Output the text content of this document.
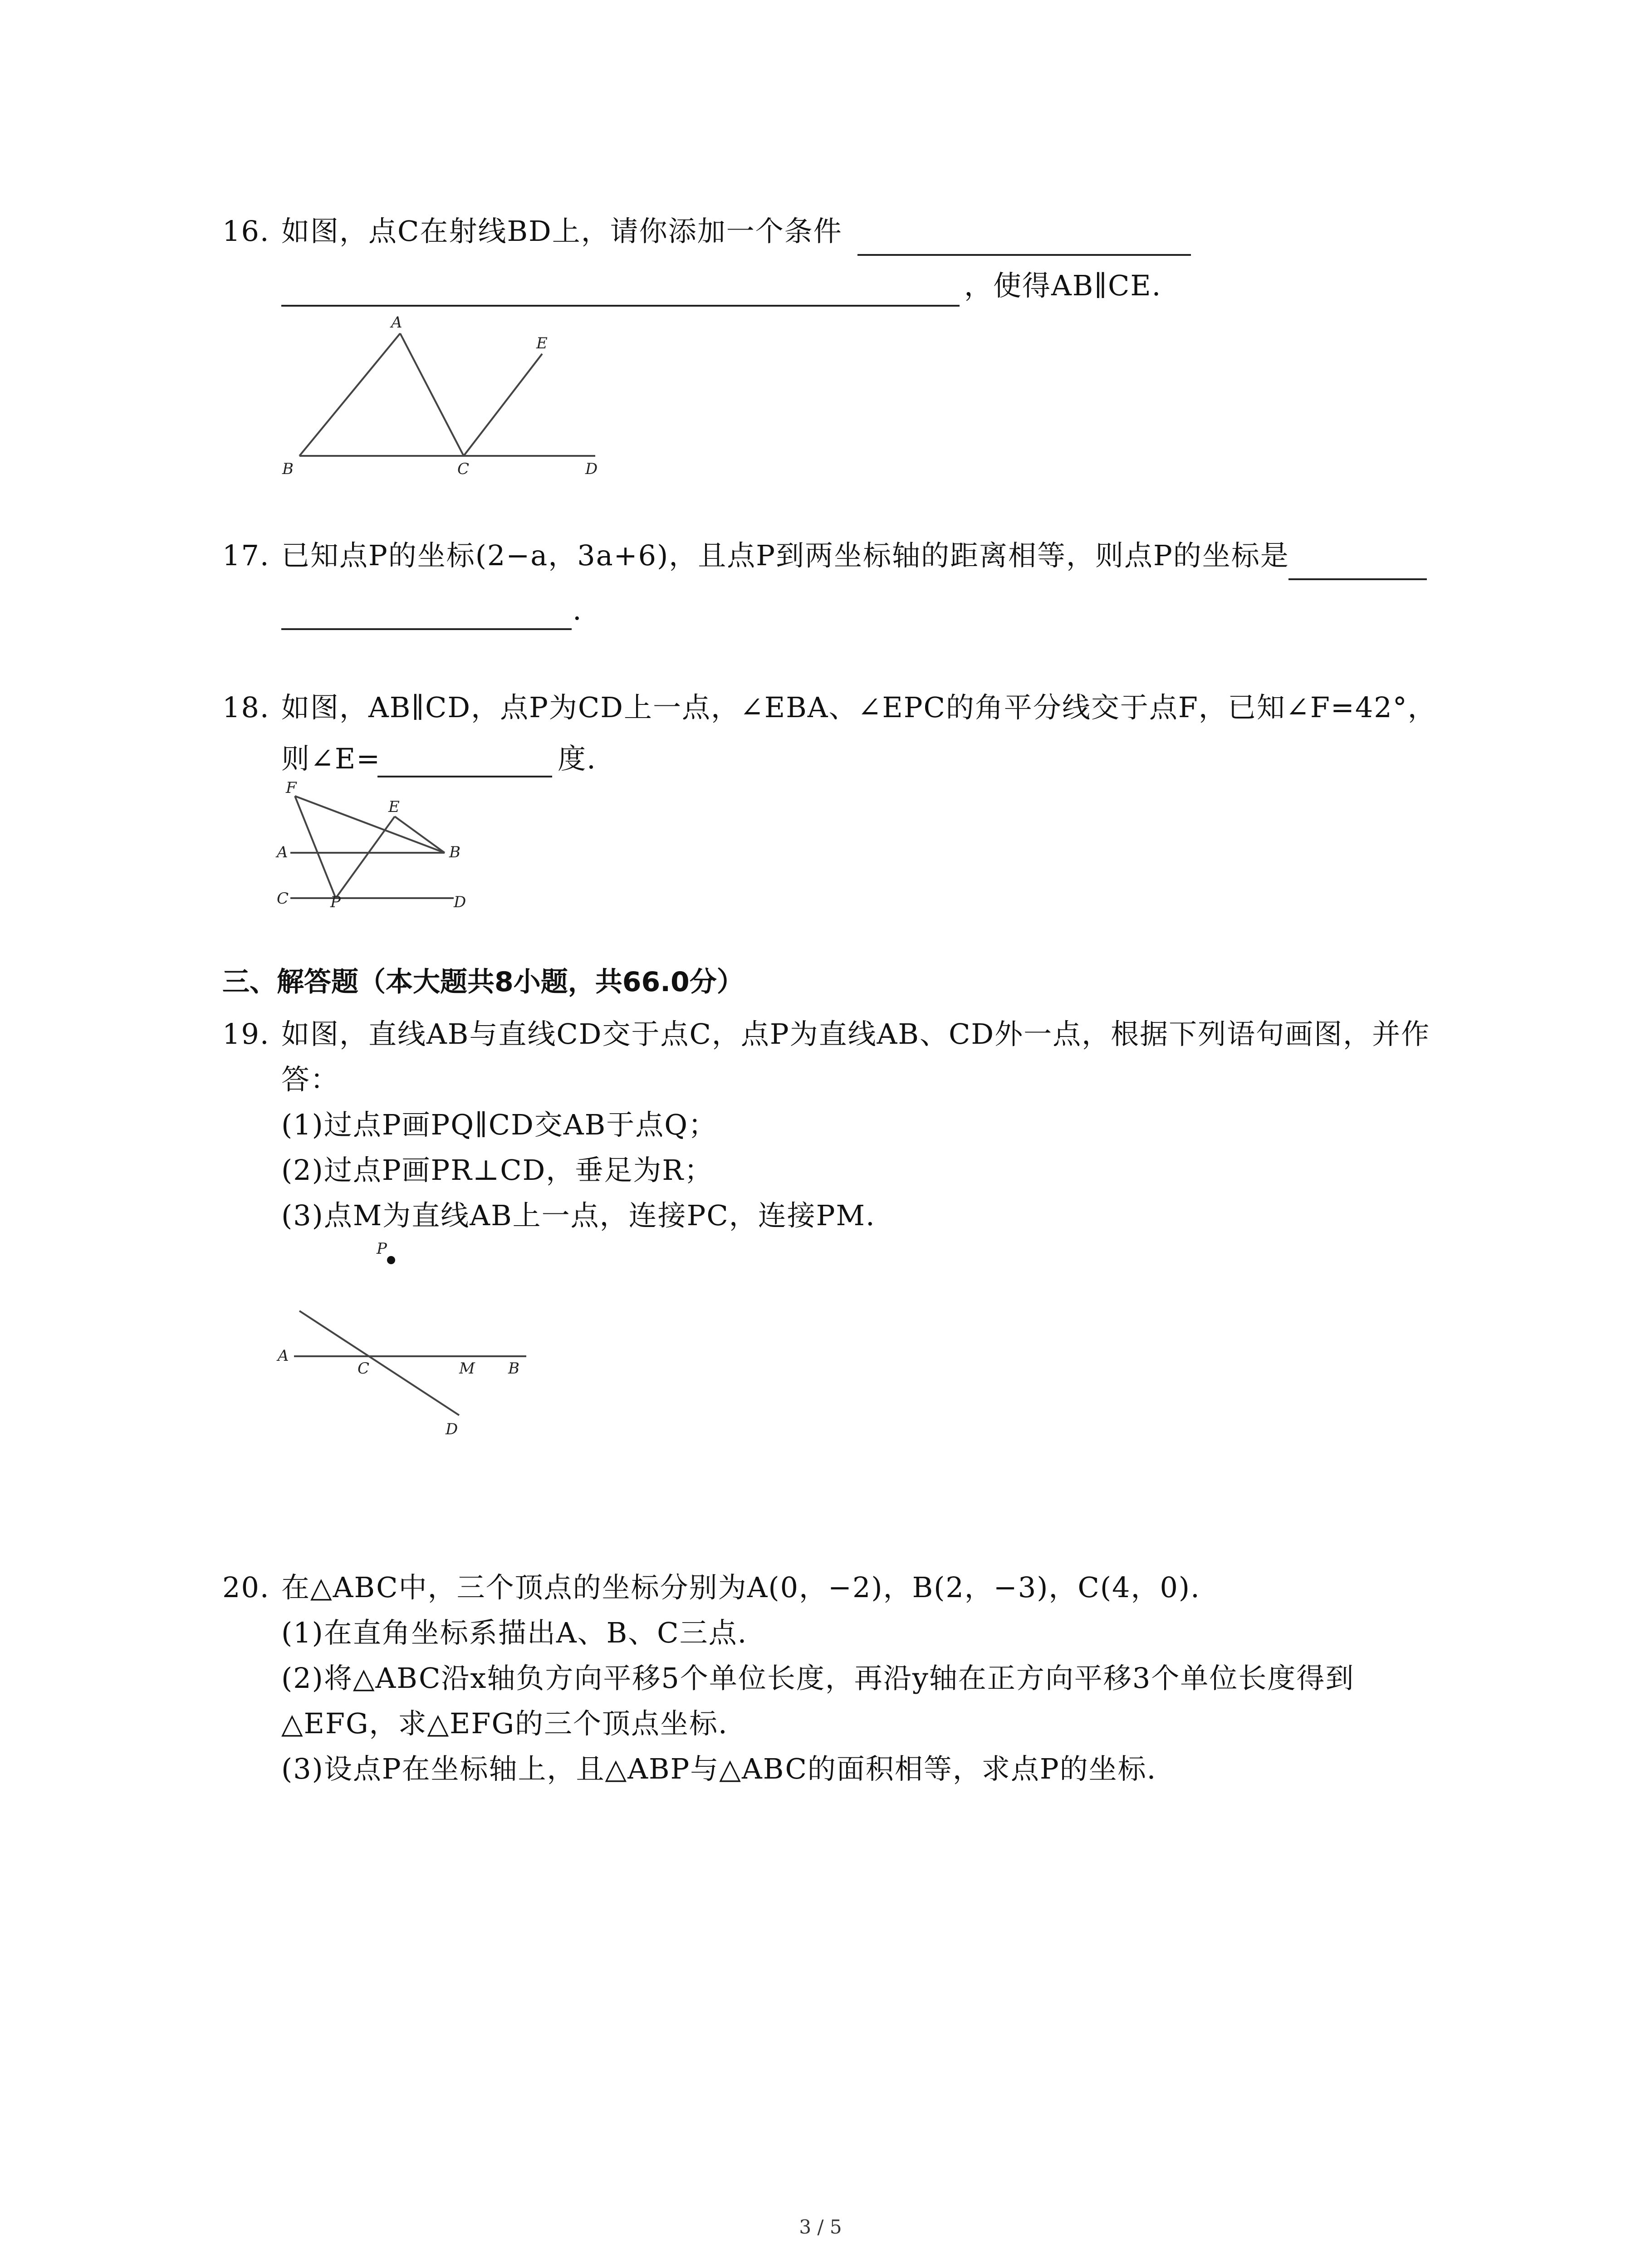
16. 如图，点C在射线BD上，请你添加一个条件
，使得AB∥CE.
A
B	C	D
E
17. 已知点P的坐标(2−a，3a+6)，且点P到两坐标轴的距离相等，则点P的坐标是
.
18. 如图，AB∥CD，点P为CD上一点，∠EBA、∠EPC的角平分线交于点F，已知∠F=42°，
则∠E=	度.
F
E
A	B
C	P	D
三、解答题（本大题共8小题，共66.0分）
19. 如图，直线AB与直线CD交于点C，点P为直线AB、CD外一点，根据下列语句画图，并作
答：
(1)过点P画PQ∥CD交AB于点Q；
(2)过点P画PR⊥CD，垂足为R；
(3)点M为直线AB上一点，连接PC，连接PM.
P
A
C	M B
D
20. 在△ABC中，三个顶点的坐标分别为A(0，−2)，B(2，−3)，C(4，0).
(1)在直角坐标系描出A、B、C三点.
(2)将△ABC沿x轴负方向平移5个单位长度，再沿y轴在正方向平移3个单位长度得到
△EFG，求△EFG的三个顶点坐标.
(3)设点P在坐标轴上，且△ABP与△ABC的面积相等，求点P的坐标.
3 / 5
